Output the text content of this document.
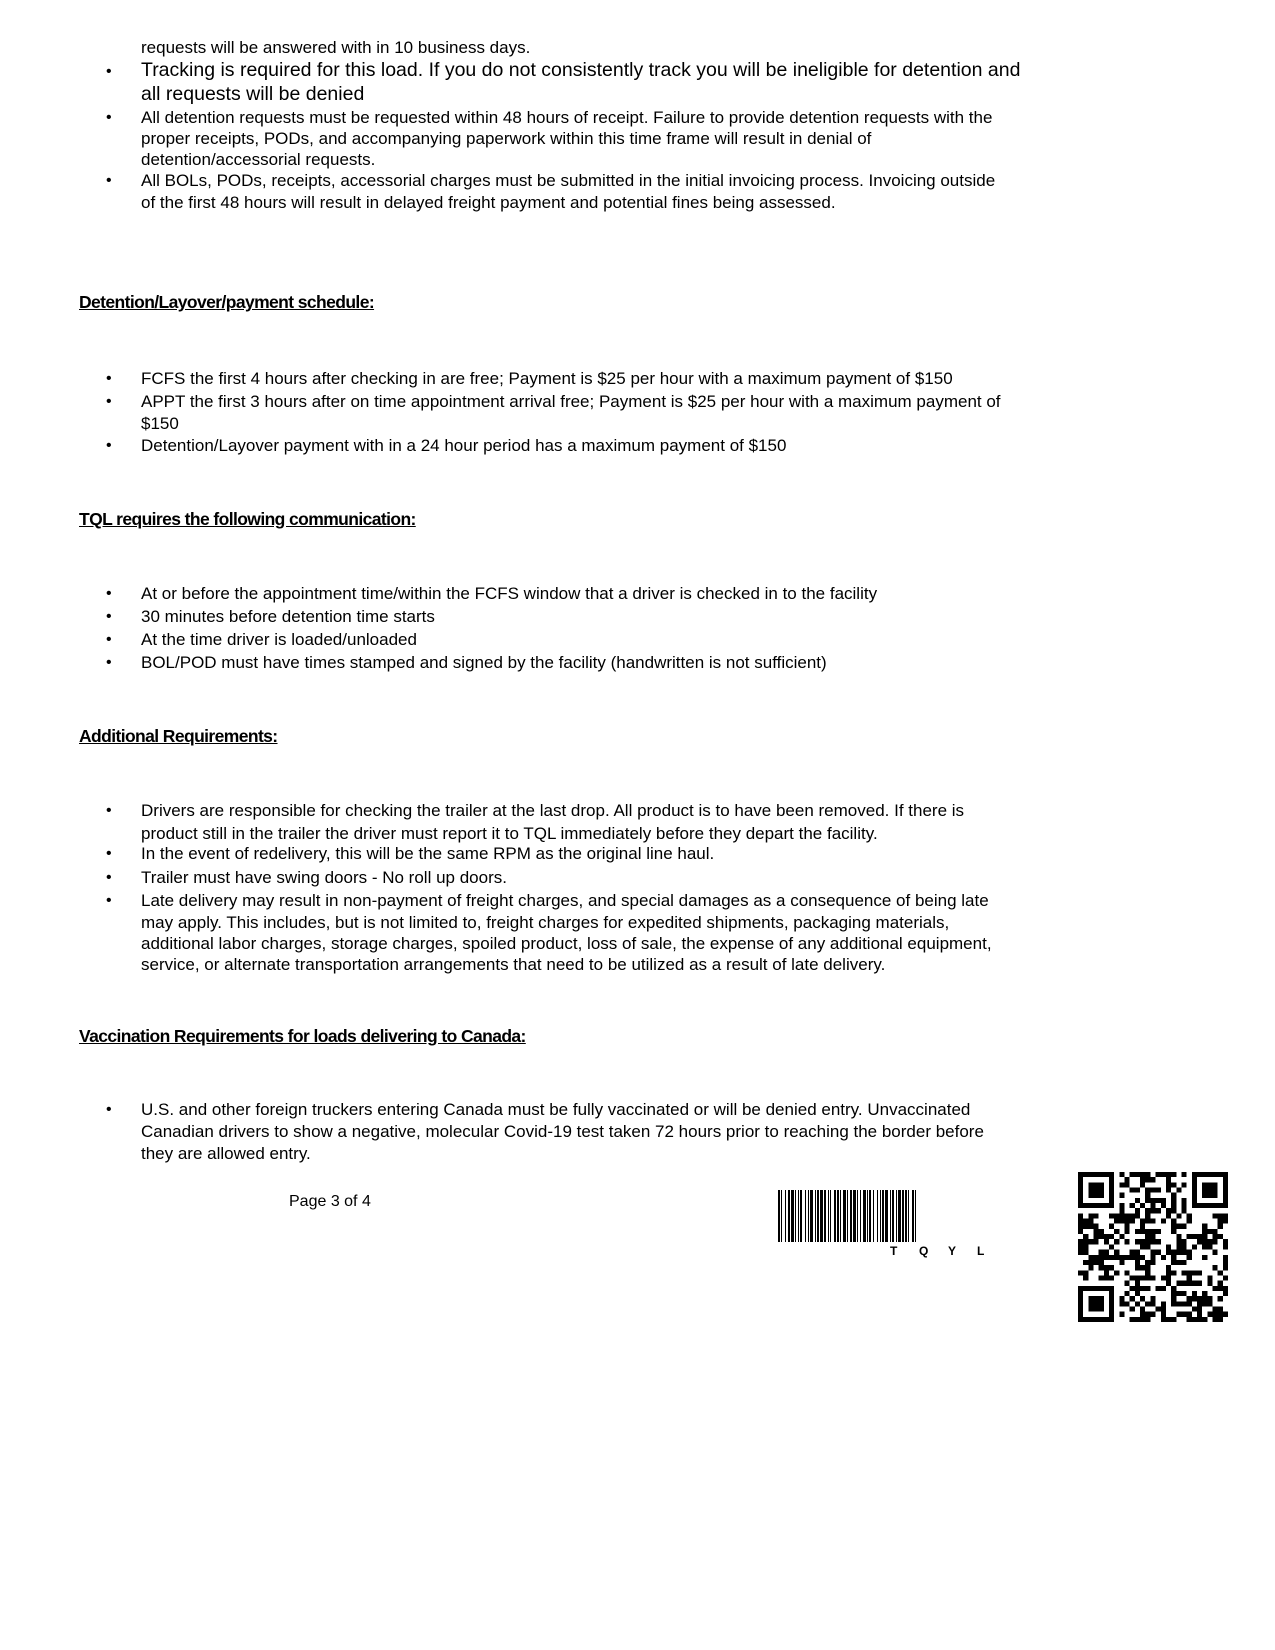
requests will be answered with in 10 business days.

• Tracking is required for this load. If you do not consistently track you will be ineligible for detention and

all requests will be denied

• All detention requests must be requested within 48 hours of receipt. Failure to provide detention requests with the

proper receipts, PODs, and accompanying paperwork within this time frame will result in denial of

detention/accessorial requests.

• All BOLs, PODs, receipts, accessorial charges must be submitted in the initial invoicing process. Invoicing outside

of the first 48 hours will result in delayed freight payment and potential fines being assessed.

Detention/Layover/payment schedule:

• FCFS the first 4 hours after checking in are free; Payment is $25 per hour with a maximum payment of $150

• APPT the first 3 hours after on time appointment arrival free; Payment is $25 per hour with a maximum payment of

$150

• Detention/Layover payment with in a 24 hour period has a maximum payment of $150

TQL requires the following communication:

• At or before the appointment time/within the FCFS window that a driver is checked in to the facility

• 30 minutes before detention time starts

• At the time driver is loaded/unloaded

• BOL/POD must have times stamped and signed by the facility (handwritten is not sufficient)

Additional Requirements:

• Drivers are responsible for checking the trailer at the last drop. All product is to have been removed. If there is

product still in the trailer the driver must report it to TQL immediately before they depart the facility.

• In the event of redelivery, this will be the same RPM as the original line haul.

• Trailer must have swing doors - No roll up doors.

• Late delivery may result in non-payment of freight charges, and special damages as a consequence of being late

may apply. This includes, but is not limited to, freight charges for expedited shipments, packaging materials,

additional labor charges, storage charges, spoiled product, loss of sale, the expense of any additional equipment,

service, or alternate transportation arrangements that need to be utilized as a result of late delivery.

Vaccination Requirements for loads delivering to Canada:

• U.S. and other foreign truckers entering Canada must be fully vaccinated or will be denied entry. Unvaccinated

Canadian drivers to show a negative, molecular Covid-19 test taken 72 hours prior to reaching the border before

they are allowed entry.

Page 3 of 4
T Q Y L
